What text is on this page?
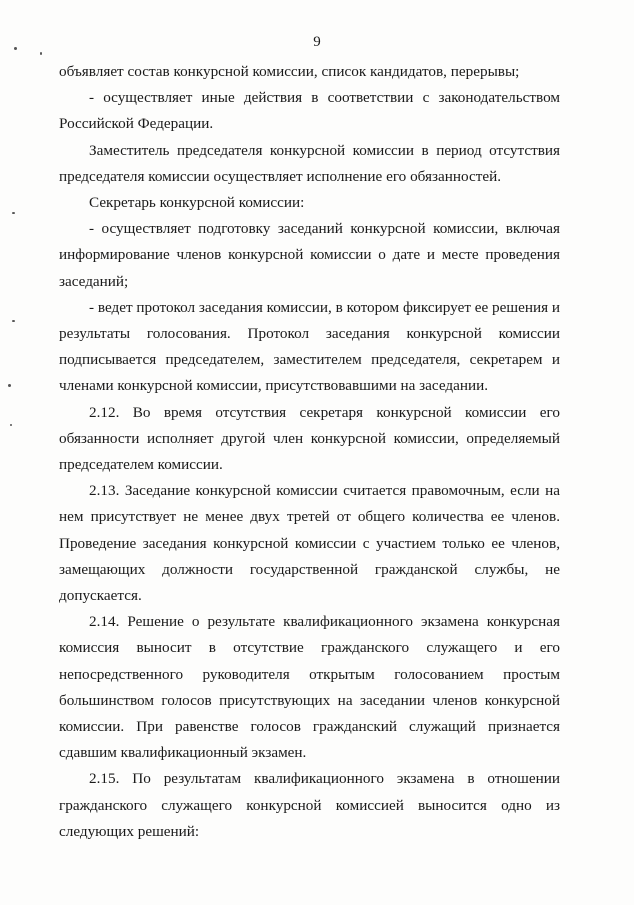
9

объявляет состав конкурсной комиссии, список кандидатов, перерывы;

- осуществляет иные действия в соответствии с законодательством Российской Федерации.

Заместитель председателя конкурсной комиссии в период отсутствия председателя комиссии осуществляет исполнение его обязанностей.

Секретарь конкурсной комиссии:

- осуществляет подготовку заседаний конкурсной комиссии, включая информирование членов конкурсной комиссии о дате и месте проведения заседаний;

- ведет протокол заседания комиссии, в котором фиксирует ее решения и результаты голосования. Протокол заседания конкурсной комиссии подписывается председателем, заместителем председателя, секретарем и членами конкурсной комиссии, присутствовавшими на заседании.

2.12. Во время отсутствия секретаря конкурсной комиссии его обязанности исполняет другой член конкурсной комиссии, определяемый председателем комиссии.

2.13. Заседание конкурсной комиссии считается правомочным, если на нем присутствует не менее двух третей от общего количества ее членов. Проведение заседания конкурсной комиссии с участием только ее членов, замещающих должности государственной гражданской службы, не допускается.

2.14. Решение о результате квалификационного экзамена конкурсная комиссия выносит в отсутствие гражданского служащего и его непосредственного руководителя открытым голосованием простым большинством голосов присутствующих на заседании членов конкурсной комиссии. При равенстве голосов гражданский служащий признается сдавшим квалификационный экзамен.

2.15. По результатам квалификационного экзамена в отношении гражданского служащего конкурсной комиссией выносится одно из следующих решений:
